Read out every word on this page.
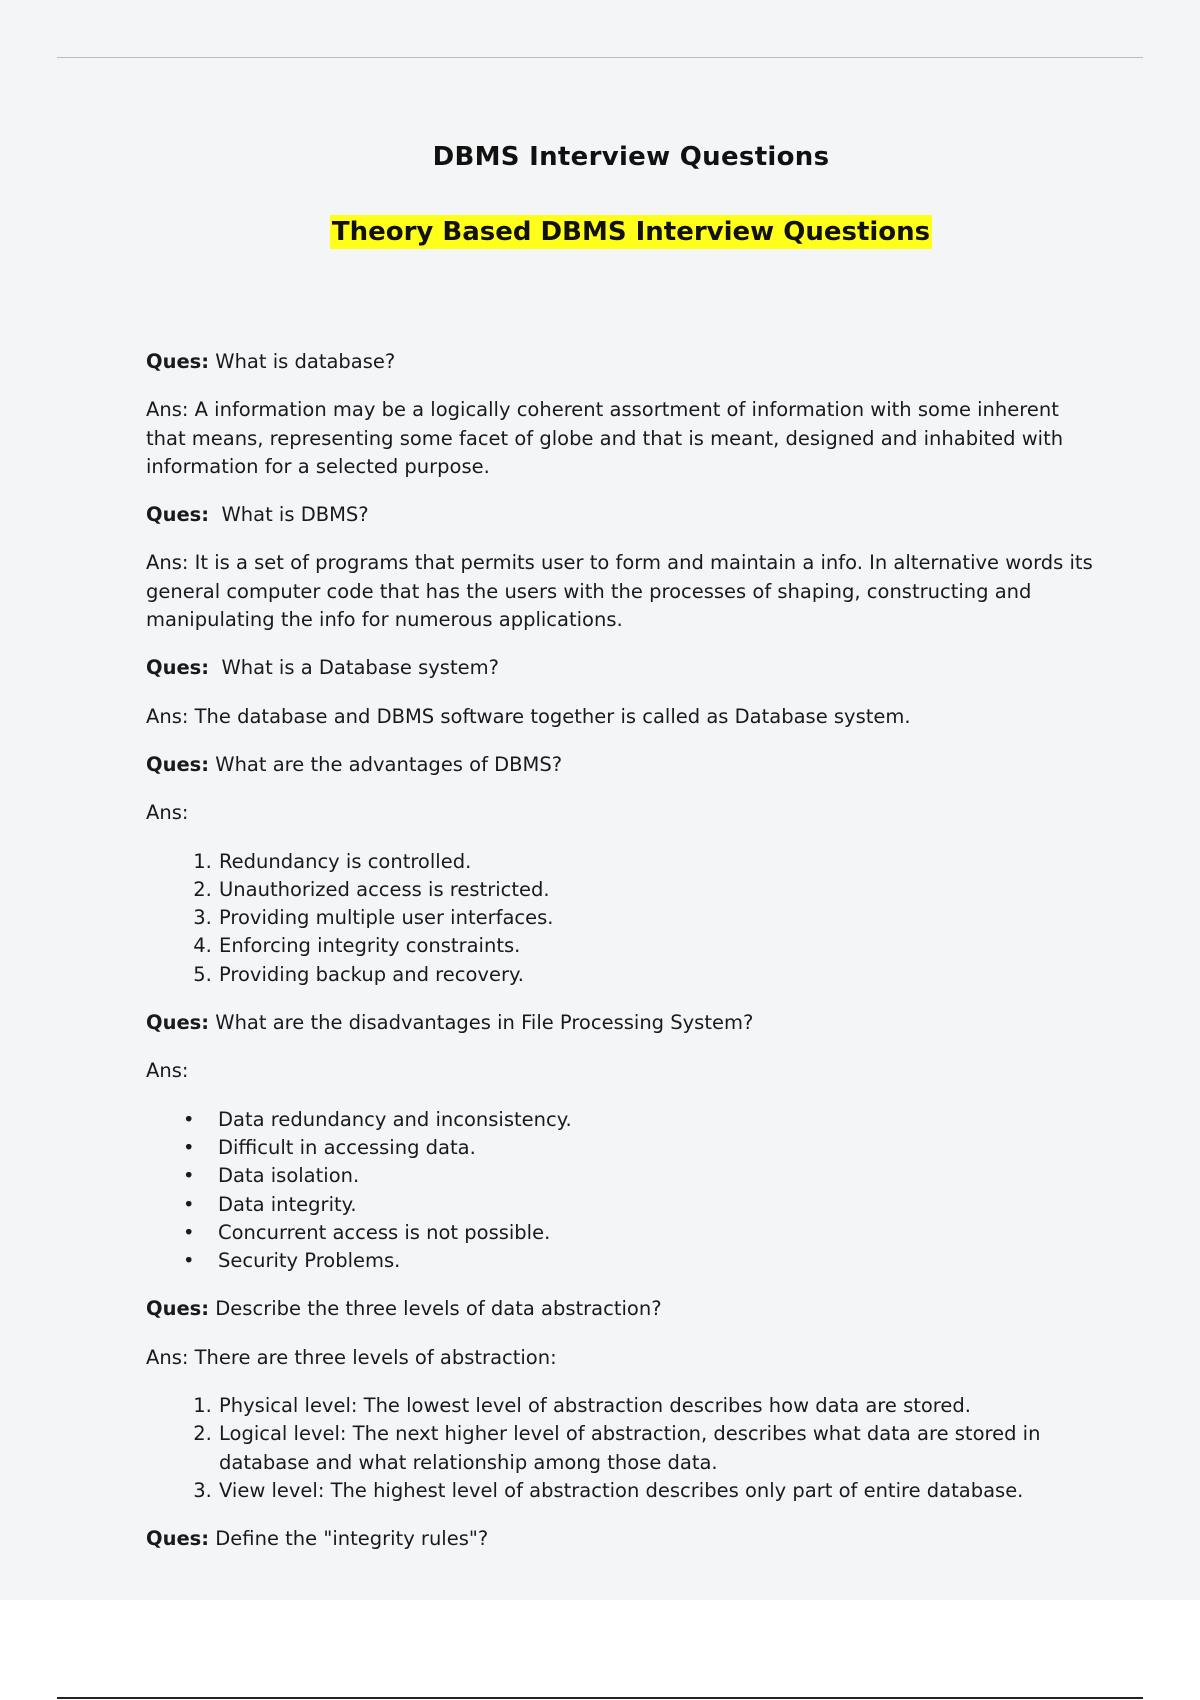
DBMS Interview Questions
Theory Based DBMS Interview Questions

Ques: What is database?

Ans: A information may be a logically coherent assortment of information with some inherent that means, representing some facet of globe and that is meant, designed and inhabited with information for a selected purpose.

Ques:  What is DBMS?

Ans: It is a set of programs that permits user to form and maintain a info. In alternative words its general computer code that has the users with the processes of shaping, constructing and manipulating the info for numerous applications.

Ques:  What is a Database system?

Ans: The database and DBMS software together is called as Database system.

Ques: What are the advantages of DBMS?

Ans:

1. Redundancy is controlled.
2. Unauthorized access is restricted.
3. Providing multiple user interfaces.
4. Enforcing integrity constraints.
5. Providing backup and recovery.

Ques: What are the disadvantages in File Processing System?

Ans:

• Data redundancy and inconsistency.
• Difficult in accessing data.
• Data isolation.
• Data integrity.
• Concurrent access is not possible.
• Security Problems.

Ques: Describe the three levels of data abstraction?

Ans: There are three levels of abstraction:

1. Physical level: The lowest level of abstraction describes how data are stored.
2. Logical level: The next higher level of abstraction, describes what data are stored in database and what relationship among those data.
3. View level: The highest level of abstraction describes only part of entire database.

Ques: Define the "integrity rules"?
